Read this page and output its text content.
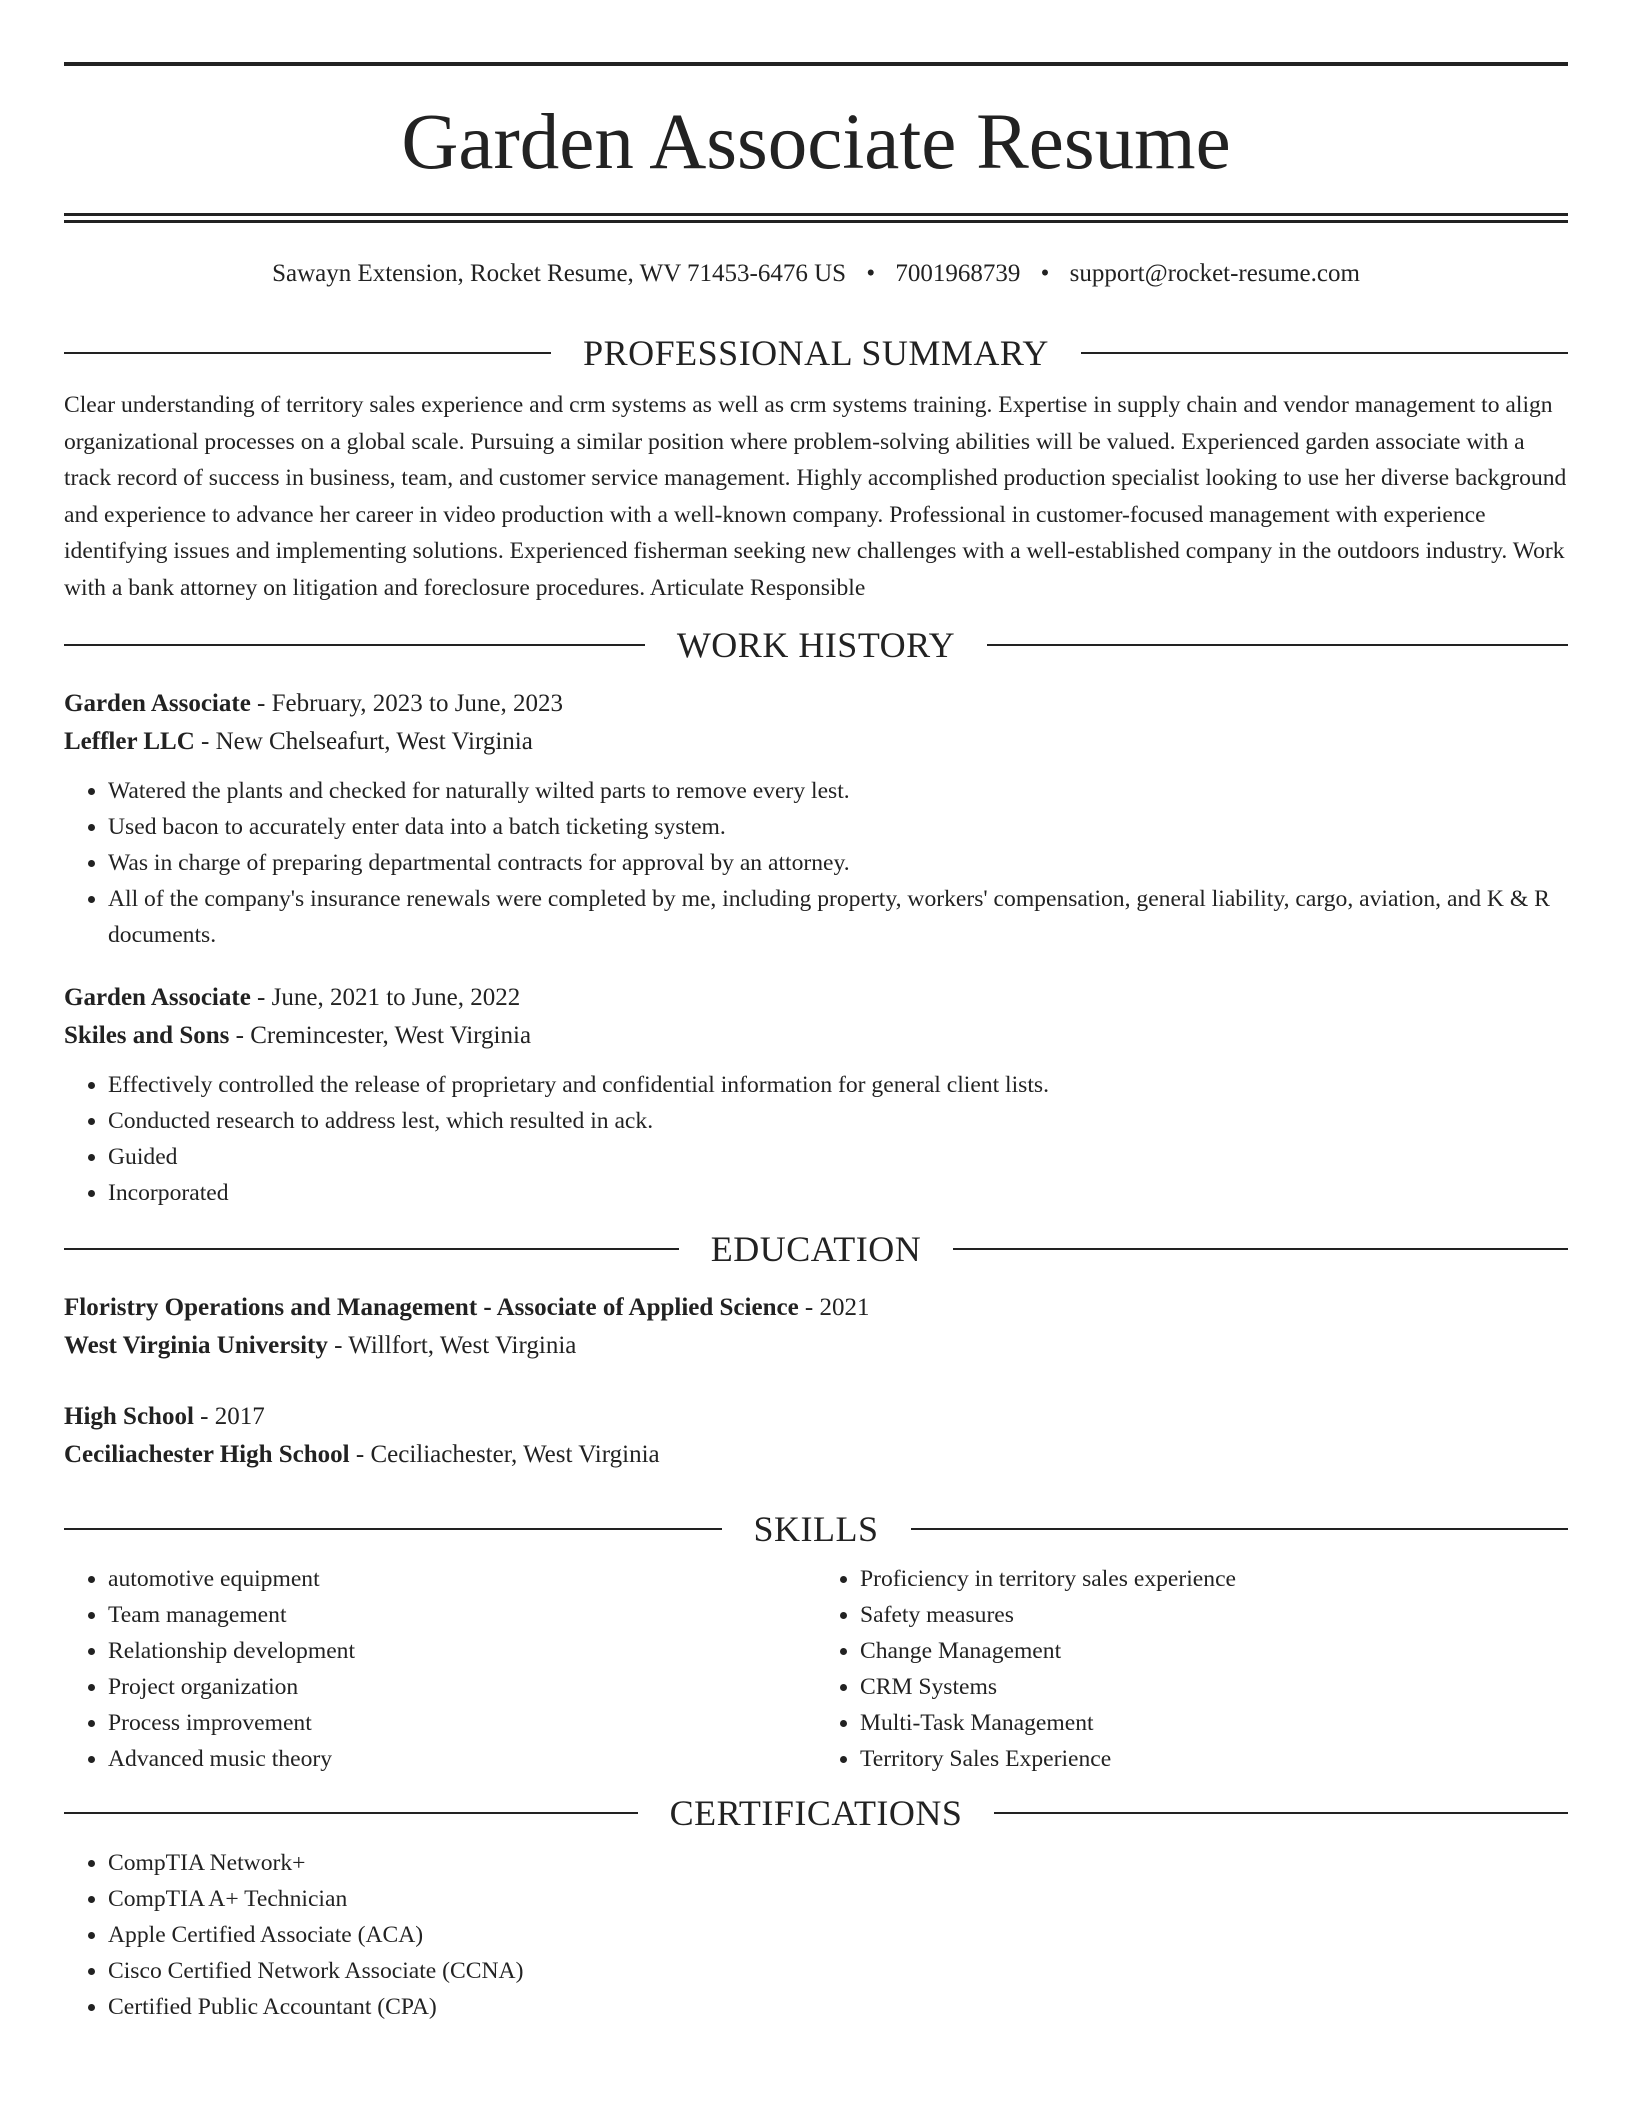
Garden Associate Resume
Sawayn Extension, Rocket Resume, WV 71453-6476 US • 7001968739 • support@rocket-resume.com
PROFESSIONAL SUMMARY

Clear understanding of territory sales experience and crm systems as well as crm systems training. Expertise in supply chain and vendor management to align organizational processes on a global scale. Pursuing a similar position where problem-solving abilities will be valued. Experienced garden associate with a track record of success in business, team, and customer service management. Highly accomplished production specialist looking to use her diverse background and experience to advance her career in video production with a well-known company. Professional in customer-focused management with experience identifying issues and implementing solutions. Experienced fisherman seeking new challenges with a well-established company in the outdoors industry. Work with a bank attorney on litigation and foreclosure procedures. Articulate Responsible

WORK HISTORY
Garden Associate - February, 2023 to June, 2023
Leffler LLC - New Chelseafurt, West Virginia
• Watered the plants and checked for naturally wilted parts to remove every lest.
• Used bacon to accurately enter data into a batch ticketing system.
• Was in charge of preparing departmental contracts for approval by an attorney.
• All of the company's insurance renewals were completed by me, including property, workers' compensation, general liability, cargo, aviation, and K & R documents.
Garden Associate - June, 2021 to June, 2022
Skiles and Sons - Cremincester, West Virginia
• Effectively controlled the release of proprietary and confidential information for general client lists.
• Conducted research to address lest, which resulted in ack.
• Guided
• Incorporated
EDUCATION
Floristry Operations and Management - Associate of Applied Science - 2021
West Virginia University - Willfort, West Virginia
High School - 2017
Ceciliachester High School - Ceciliachester, West Virginia
SKILLS
• automotive equipment
• Team management
• Relationship development
• Project organization
• Process improvement
• Advanced music theory
• Proficiency in territory sales experience
• Safety measures
• Change Management
• CRM Systems
• Multi-Task Management
• Territory Sales Experience
CERTIFICATIONS
• CompTIA Network+
• CompTIA A+ Technician
• Apple Certified Associate (ACA)
• Cisco Certified Network Associate (CCNA)
• Certified Public Accountant (CPA)
